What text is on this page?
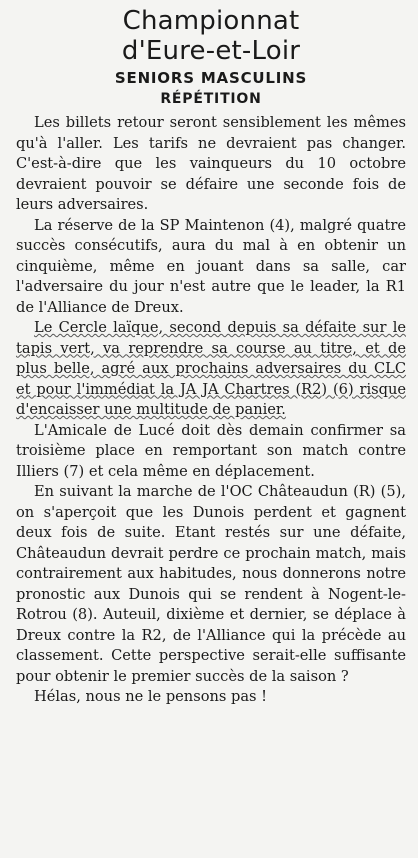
Championnat
d'Eure-et-Loir
SENIORS MASCULINS
RÉPÉTITION

Les billets retour seront sensiblement les mêmes qu'à l'aller. Les tarifs ne devraient pas changer. C'est-à-dire que les vainqueurs du 10 octobre devraient pouvoir se défaire une seconde fois de leurs adversaires.

La réserve de la SP Maintenon (4), malgré quatre succès consécutifs, aura du mal à en obtenir un cinquième, même en jouant dans sa salle, car l'adversaire du jour n'est autre que le leader, la R1 de l'Alliance de Dreux.

Le Cercle laïque, second depuis sa défaite sur le tapis vert, va reprendre sa course au titre, et de plus belle, agré aux prochains adversaires du CLC et pour l'immédiat la JA JA Chartres (R2) (6) risque d'encaisser une multitude de panier.

L'Amicale de Lucé doit dès demain confirmer sa troisième place en remportant son match contre Illiers (7) et cela même en déplacement.

En suivant la marche de l'OC Châteaudun (R) (5), on s'aperçoit que les Dunois perdent et gagnent deux fois de suite. Etant restés sur une défaite, Châteaudun devrait perdre ce prochain match, mais contrairement aux habitudes, nous donnerons notre pronostic aux Dunois qui se rendent à Nogent-le-Rotrou (8). Auteuil, dixième et dernier, se déplace à Dreux contre la R2, de l'Alliance qui la précède au classement. Cette perspective serait-elle suffisante pour obtenir le premier succès de la saison ?

Hélas, nous ne le pensons pas !
